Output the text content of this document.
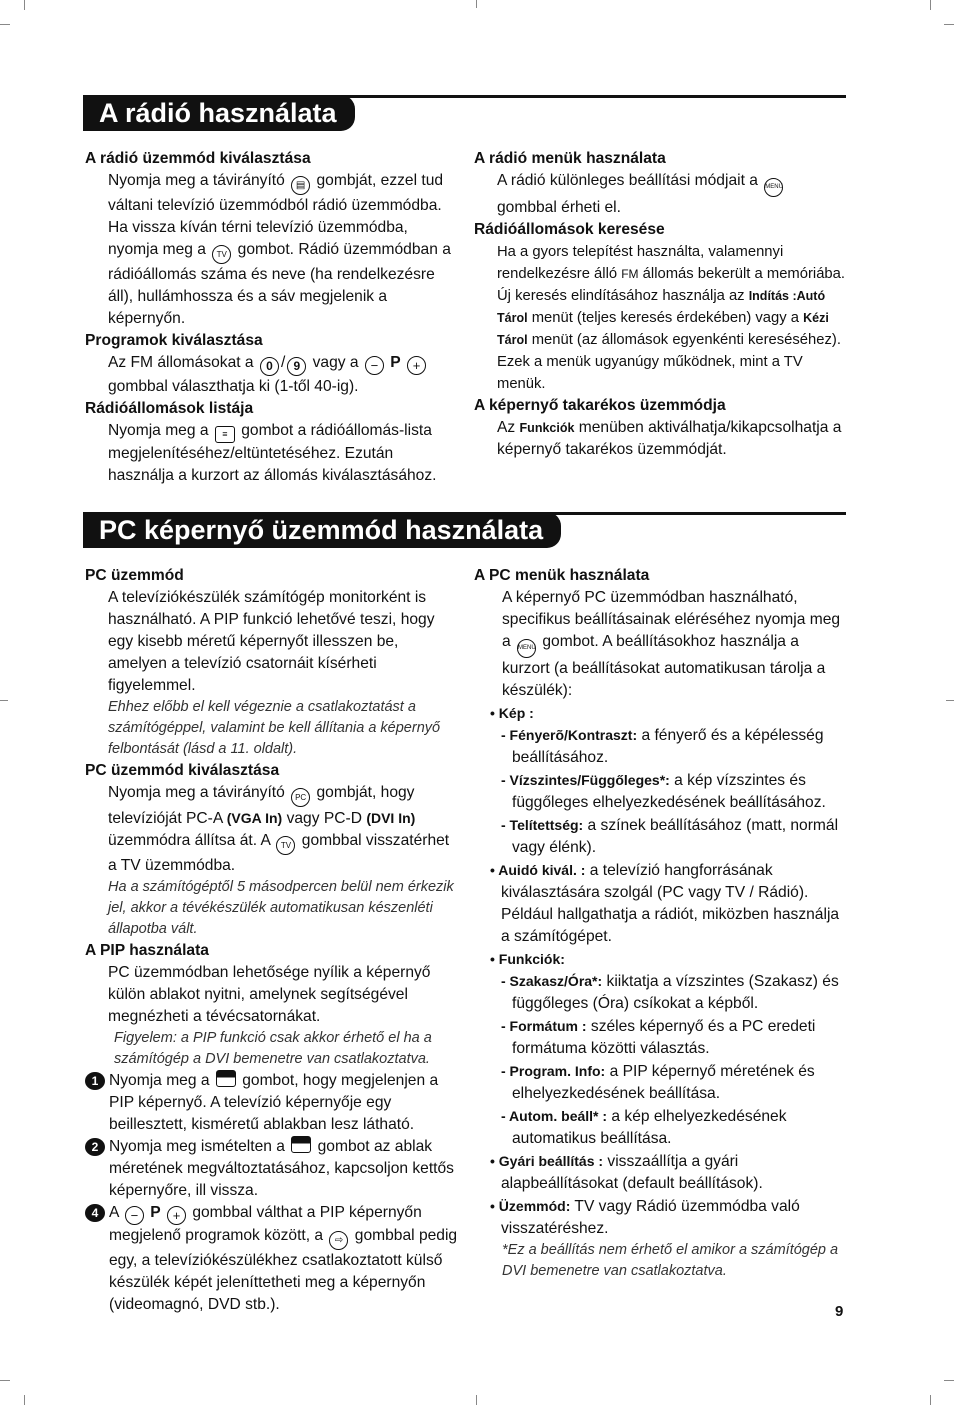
A rádió használata
A rádió üzemmód kiválasztása
Nyomja meg a távirányító ▤ gombját, ezzel tud váltani televízió üzemmódból rádió üzemmódba. Ha vissza kíván térni televízió üzemmódba, nyomja meg a TV gombot. Rádió üzemmódban a rádióállomás száma és neve (ha rendelkezésre áll), hullámhossza és a sáv megjelenik a képernyőn.
Programok kiválasztása
Az FM állomásokat a 0 / 9 vagy a − P + gombbal választhatja ki (1-től 40-ig).
Rádióállomások listája
Nyomja meg a ≡ gombot a rádióállomás-lista megjelenítéséhez/eltüntetéséhez. Ezután használja a kurzort az állomás kiválasztásához.
A rádió menük használata
A rádió különleges beállítási módjait a MENU gombbal érheti el.
Rádióállomások keresése
Ha a gyors telepítést használta, valamennyi rendelkezésre álló FM állomás bekerült a memóriába. Új keresés elindításához használja az Indítás :Autó Tárol menüt (teljes keresés érdekében) vagy a Kézi Tárol menüt (az állomások egyenkénti kereséséhez). Ezek a menük ugyanúgy működnek, mint a TV menük.
A képernyő takarékos üzemmódja
Az Funkciók menüben aktiválhatja/kikapcsolhatja a képernyő takarékos üzemmódját.
PC képernyő üzemmód használata
PC üzemmód
A televíziókészülék számítógép monitorként is használható. A PIP funkció lehetővé teszi, hogy egy kisebb méretű képernyőt illesszen be, amelyen a televízió csatornáit kísérheti figyelemmel.
Ehhez előbb el kell végeznie a csatlakoztatást a számítógéppel, valamint be kell állítania a képernyő felbontását (lásd a 11. oldalt).
PC üzemmód kiválasztása
Nyomja meg a távirányító PC gombját, hogy televízióját PC-A (VGA In) vagy PC-D (DVI In) üzemmódra állítsa át. A TV gombbal visszatérhet a TV üzemmódba.
Ha a számítógéptől 5 másodpercen belül nem érkezik jel, akkor a tévékészülék automatikusan készenléti állapotba vált.
A PIP használata
PC üzemmódban lehetősége nyílik a képernyő külön ablakot nyitni, amelynek segítségével megnézheti a tévécsatornákat.
Figyelem: a PIP funkció csak akkor érhető el ha a számítógép a DVI bemenetre van csatlakoztatva.
1 Nyomja meg a gombot, hogy megjelenjen a PIP képernyő. A televízió képernyője egy beillesztett, kisméretű ablakban lesz látható.
2 Nyomja meg ismételten a gombot az ablak méretének megváltoztatásához, kapcsoljon kettős képernyőre, ill visszа.
4 A − P + gombbal válthat a PIP képernyőn megjelenő programok között, a ⇨ gombbal pedig egy, a televíziókészülékhez csatlakoztatott külső készülék képét jeleníttetheti meg a képernyőn (videomagnó, DVD stb.).
A PC menük használata
A képernyő PC üzemmódban használható, specifikus beállításainak eléréséhez nyomja meg a MENU gombot. A beállításokhoz használja a kurzort (a beállításokat automatikusan tárolja a készülék):
• Kép :
- Fényerõ/Kontraszt: a fényerő és a képélesség beállításához.
- Vízszintes/Függőleges*: a kép vízszintes és függőleges elhelyezkedésének beállításához.
- Telítettség: a színek beállításához (matt, normál vagy élénk).
• Auidó kivál. : a televízió hangforrásának kiválasztására szolgál (PC vagy TV / Rádió). Például hallgathatja a rádiót, miközben használja a számítógépet.
• Funkciók:
- Szakasz/Óra*: kiiktatja a vízszintes (Szakasz) és függőleges (Óra) csíkokat a képből.
- Formátum : széles képernyő és a PC eredeti formátuma közötti választás.
- Program. Info: a PIP képernyő méretének és elhelyezkedésének beállítása.
- Autom. beáll* : a kép elhelyezkedésének automatikus beállítása.
• Gyári beállítás : visszaállítja a gyári alapbeállításokat (default beállítások).
• Üzemmód: TV vagy Rádió üzemmódba való visszatéréshez.
*Ez a beállítás nem érhető el amikor a számítógép a DVI bemenetre van csatlakoztatva.
9
